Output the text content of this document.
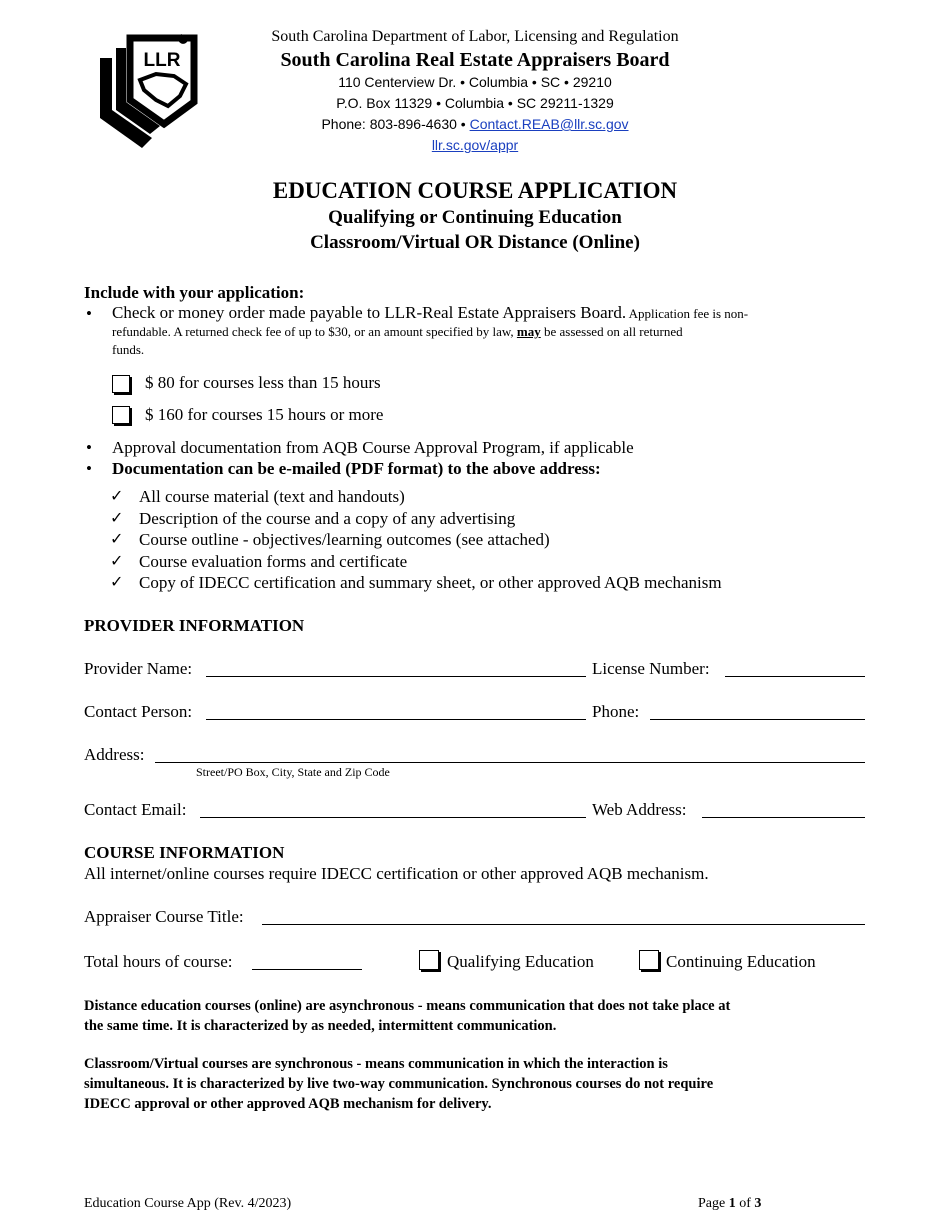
LLR
South Carolina Department of Labor, Licensing and Regulation
South Carolina Real Estate Appraisers Board
110 Centerview Dr. • Columbia • SC • 29210
P.O. Box 11329 • Columbia • SC 29211-1329
Phone: 803-896-4630 • Contact.REAB@llr.sc.gov
llr.sc.gov/appr
EDUCATION COURSE APPLICATION
Qualifying or Continuing Education
Classroom/Virtual OR Distance (Online)
Include with your application:
• Check or money order made payable to LLR-Real Estate Appraisers Board. Application fee is non-
refundable. A returned check fee of up to $30, or an amount specified by law, may be assessed on all returned
funds.
$ 80 for courses less than 15 hours
$ 160 for courses 15 hours or more
• Approval documentation from AQB Course Approval Program, if applicable
• Documentation can be e-mailed (PDF format) to the above address:
✓ All course material (text and handouts)
✓ Description of the course and a copy of any advertising
✓ Course outline - objectives/learning outcomes (see attached)
✓ Course evaluation forms and certificate
✓ Copy of IDECC certification and summary sheet, or other approved AQB mechanism
PROVIDER INFORMATION
Provider Name:	License Number:
Contact Person:	Phone:
Address:
Street/PO Box, City, State and Zip Code
Contact Email:	Web Address:
COURSE INFORMATION
All internet/online courses require IDECC certification or other approved AQB mechanism.
Appraiser Course Title:
Total hours of course:	Qualifying Education	Continuing Education
Distance education courses (online) are asynchronous - means communication that does not take place at
the same time. It is characterized by as needed, intermittent communication.
Classroom/Virtual courses are synchronous - means communication in which the interaction is
simultaneous. It is characterized by live two-way communication. Synchronous courses do not require
IDECC approval or other approved AQB mechanism for delivery.
Education Course App (Rev. 4/2023)	Page 1 of 3
